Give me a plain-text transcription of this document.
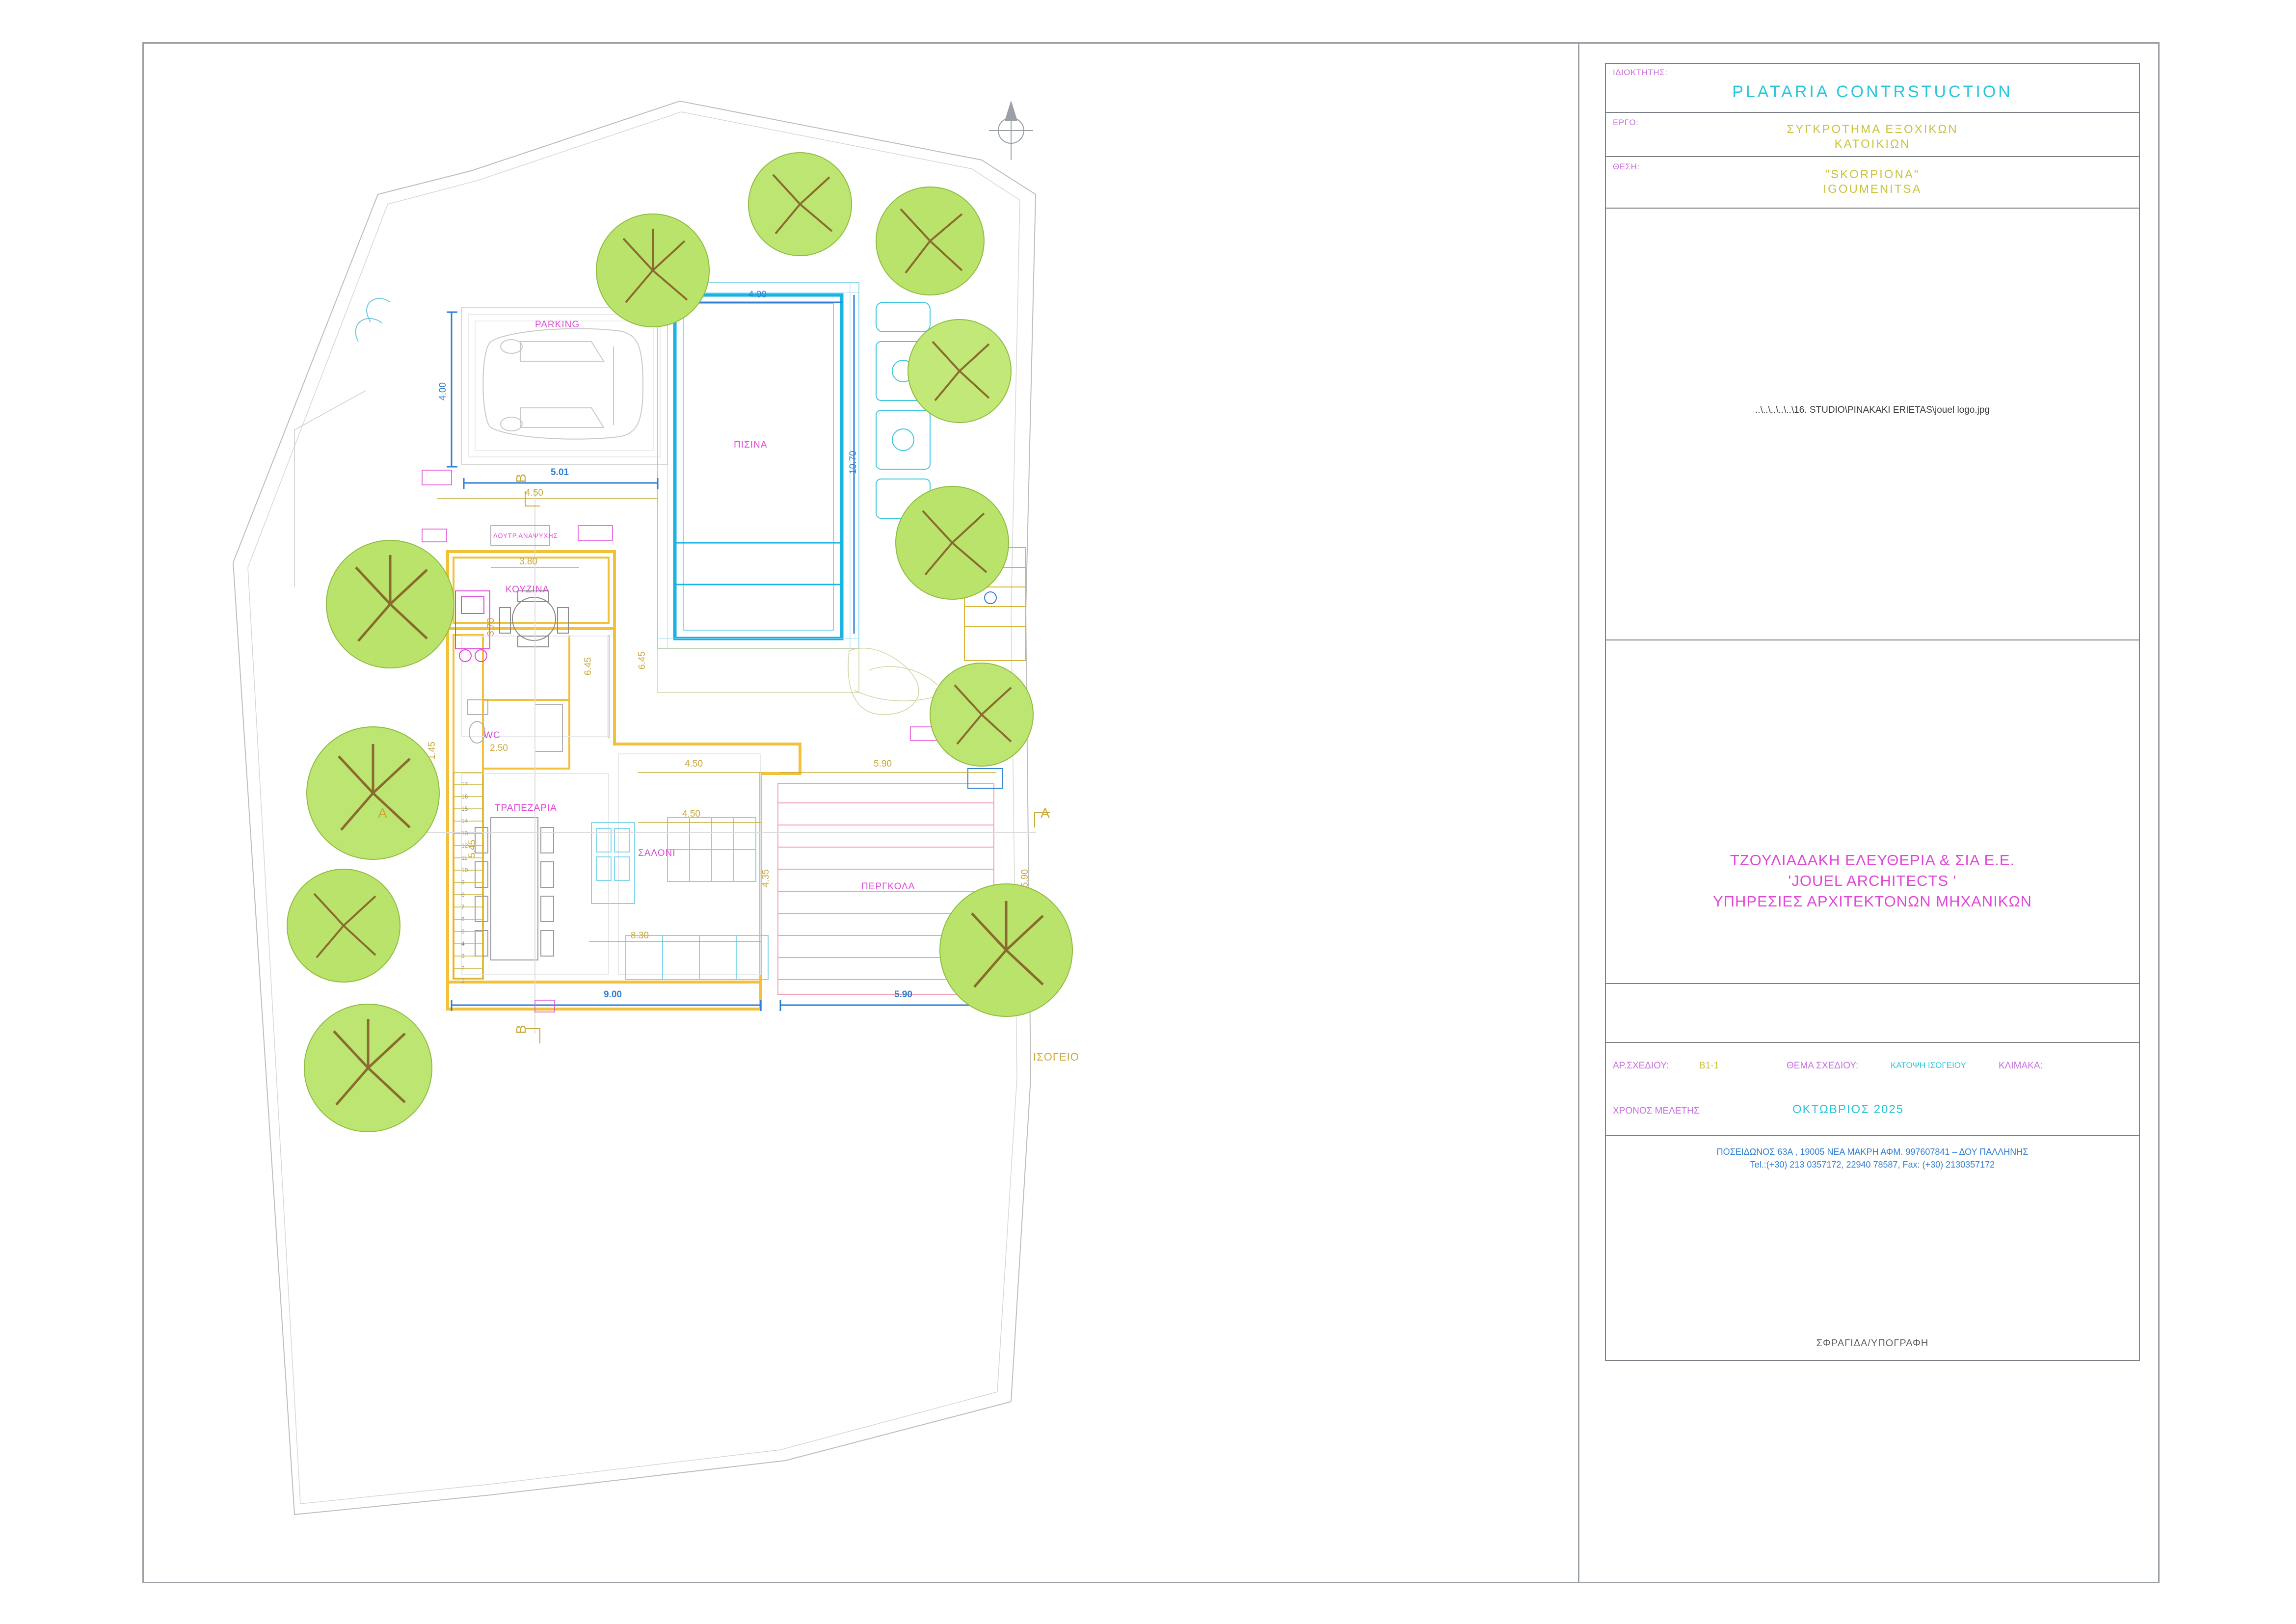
PARKING
ΠΙΣΙΝΑ
ΚΟΥΖΙΝΑ
WC
ΤΡΑΠΕΖΑΡΙΑ
ΣΑΛΟΝΙ
ΠΕΡΓΚΟΛΑ
ΛΟΥΤΡ.ΑΝΑΨΥΧΗΣ
4.00
4.00
5.01
4.50
10.70
3.80
3.70
6.45	6.45
2.50
1.45
5.45
4.50	5.90
4.50
4.35	5.90
8.30
9.00	5.90
A	A
B
B
17
16
15
14
13
12
11
10
9
8
7
6
5
4
3
2
1
ΙΣΟΓΕΙΟ
ΙΔΙΟΚΤΗΤΗΣ:
PLATARIA CONTRSTUCTION
ΕΡΓΟ:
ΣΥΓΚΡΟΤΗΜΑ ΕΞΟΧΙΚΩΝ
ΚΑΤΟΙΚΙΩΝ
ΘΕΣΗ:
"SKORPIONA"
IGOUMENITSA
..\..\..\..\..\16. STUDIO\PINAKAKI ERIETAS\jouel logo.jpg
ΤΖΟΥΛΙΑΔΑΚΗ ΕΛΕΥΘΕΡΙΑ & ΣΙΑ Ε.Ε.
'JOUEL ARCHITECTS '
ΥΠΗΡΕΣΙΕΣ ΑΡΧΙΤΕΚΤΟΝΩΝ ΜΗΧΑΝΙΚΩΝ
ΑΡ.ΣΧΕΔΙΟΥ:	B1-1	ΘΕΜΑ ΣΧΕΔΙΟΥ:	ΚΑΤΟΨΗ ΙΣΟΓΕΙΟΥ	ΚΛΙΜΑΚΑ:
ΧΡΟΝΟΣ ΜΕΛΕΤΗΣ	ΟΚΤΩΒΡΙΟΣ 2025
ΠΟΣΕΙΔΩΝΟΣ 63Α , 19005 ΝΕΑ ΜΑΚΡΗ ΑΦΜ. 997607841 – ΔΟΥ ΠΑΛΛΗΝΗΣ
Tel.:(+30) 213 0357172, 22940 78587, Fax: (+30) 2130357172
ΣΦΡΑΓΙΔΑ/ΥΠΟΓΡΑΦΗ
